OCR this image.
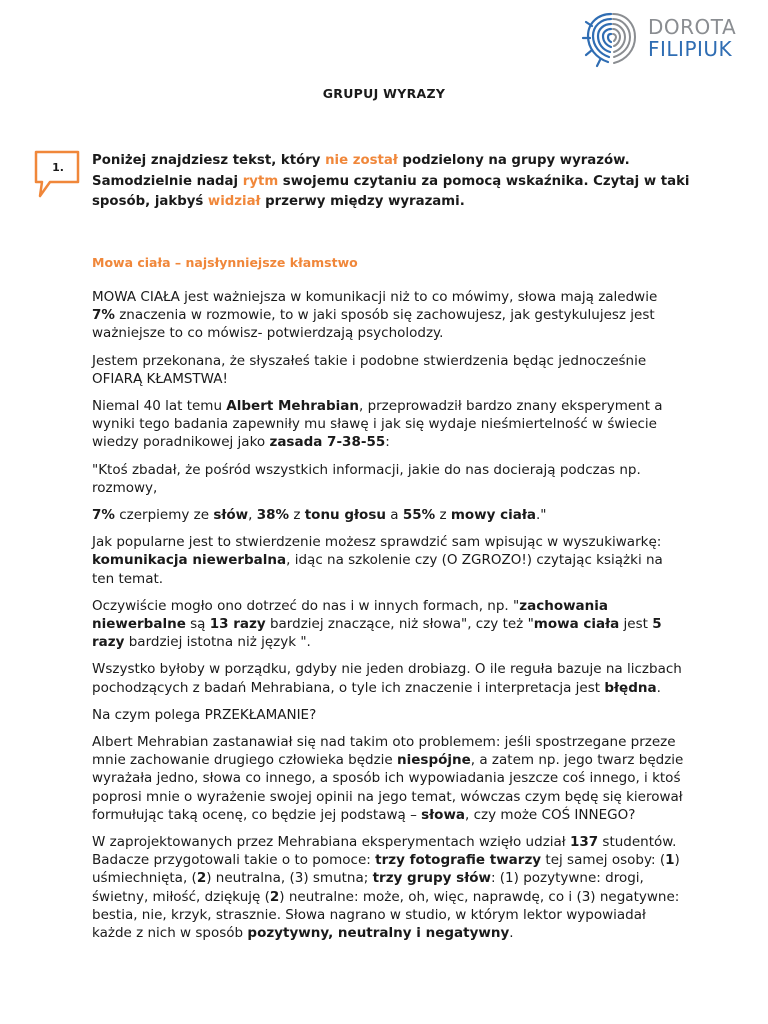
DOROTA
FILIPIUK
GRUPUJ WYRAZY
1.	Poniżej znajdziesz tekst, który nie został podzielony na grupy wyrazów. Samodzielnie nadaj rytm swojemu czytaniu za pomocą wskaźnika. Czytaj w taki sposób, jakbyś widział przerwy między wyrazami.
Mowa ciała – najsłynniejsze kłamstwo

MOWA CIAŁA jest ważniejsza w komunikacji niż to co mówimy, słowa mają zaledwie 7% znaczenia w rozmowie, to w jaki sposób się zachowujesz, jak gestykulujesz jest ważniejsze to co mówisz- potwierdzają psycholodzy.

Jestem przekonana, że słyszałeś takie i podobne stwierdzenia będąc jednocześnie OFIARĄ KŁAMSTWA!

Niemal 40 lat temu Albert Mehrabian, przeprowadził bardzo znany eksperyment a wyniki tego badania zapewniły mu sławę i jak się wydaje nieśmiertelność w świecie wiedzy poradnikowej jako zasada 7-38-55:

"Ktoś zbadał, że pośród wszystkich informacji, jakie do nas docierają podczas np. rozmowy,

7% czerpiemy ze słów, 38% z tonu głosu a 55% z mowy ciała."

Jak popularne jest to stwierdzenie możesz sprawdzić sam wpisując w wyszukiwarkę: komunikacja niewerbalna, idąc na szkolenie czy (O ZGROZO!) czytając książki na ten temat.

Oczywiście mogło ono dotrzeć do nas i w innych formach, np. "zachowania niewerbalne są 13 razy bardziej znaczące, niż słowa", czy też "mowa ciała jest 5 razy bardziej istotna niż język ".

Wszystko byłoby w porządku, gdyby nie jeden drobiazg. O ile reguła bazuje na liczbach pochodzących z badań Mehrabiana, o tyle ich znaczenie i interpretacja jest błędna.

Na czym polega PRZEKŁAMANIE?

Albert Mehrabian zastanawiał się nad takim oto problemem: jeśli spostrzegane przeze mnie zachowanie drugiego człowieka będzie niespójne, a zatem np. jego twarz będzie wyrażała jedno, słowa co innego, a sposób ich wypowiadania jeszcze coś innego, i ktoś poprosi mnie o wyrażenie swojej opinii na jego temat, wówczas czym będę się kierował formułując taką ocenę, co będzie jej podstawą – słowa, czy może COŚ INNEGO?

W zaprojektowanych przez Mehrabiana eksperymentach wzięło udział 137 studentów. Badacze przygotowali takie o to pomoce: trzy fotografie twarzy tej samej osoby: (1) uśmiechnięta, (2) neutralna, (3) smutna; trzy grupy słów: (1) pozytywne: drogi, świetny, miłość, dziękuję (2) neutralne: może, oh, więc, naprawdę, co i (3) negatywne: bestia, nie, krzyk, strasznie. Słowa nagrano w studio, w którym lektor wypowiadał każde z nich w sposób pozytywny, neutralny i negatywny.
